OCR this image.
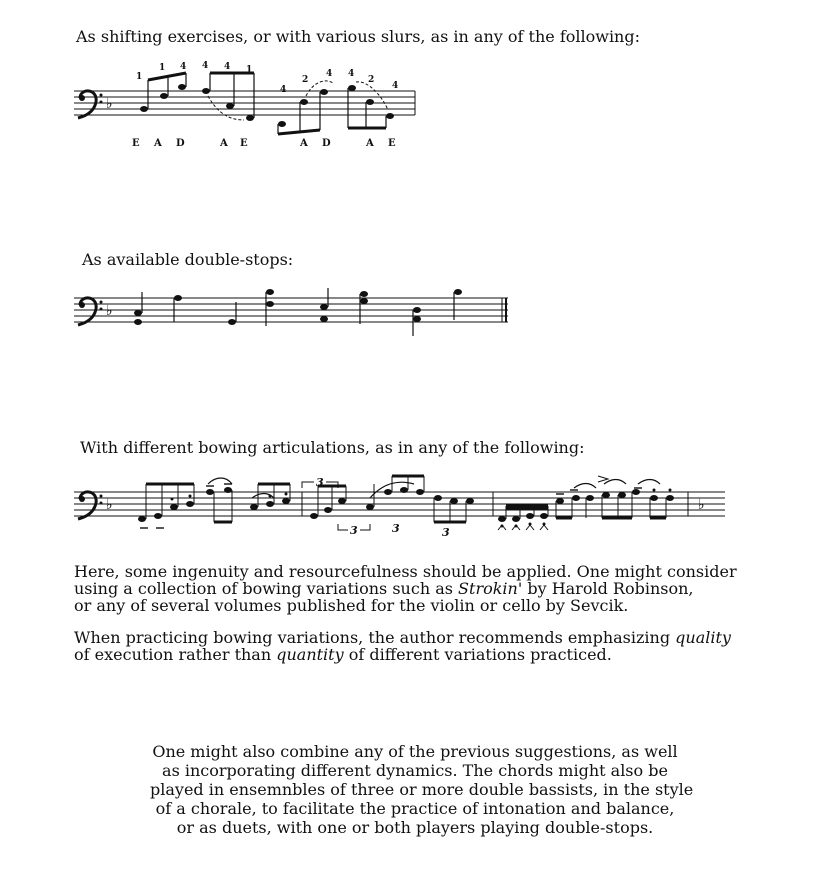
As shifting exercises, or with various slurs, as in any of the following:

♭
1
1 4 4 4 1
4
2
4 4
2
4
E A D	A E	A D	A E

As available double-stops:

♭

With different bowing articulations, as in any of the following:

♭	♭
3
3	3	3
Here, some ingenuity and resourcefulness should be applied. One might consider
using a collection of bowing variations such as Strokin' by Harold Robinson,
or any of several volumes published for the violin or cello by Sevcik.
When practicing bowing variations, the author recommends emphasizing quality
of execution rather than quantity of different variations practiced.
One might also combine any of the previous suggestions, as well
as incorporating different dynamics. The chords might also be
played in ensemnbles of three or more double bassists, in the style
of a chorale, to facilitate the practice of intonation and balance,
or as duets, with one or both players playing double-stops.
